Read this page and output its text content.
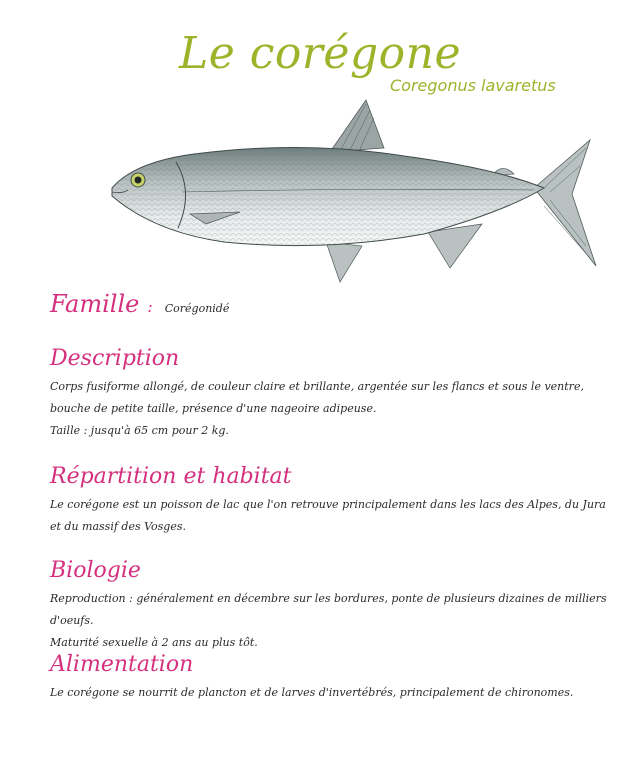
Le corégone
Coregonus lavaretus
Famille : Corégonidé
Description

Corps fusiforme allongé, de couleur claire et brillante, argentée sur les flancs et sous le ventre, bouche de petite taille, présence d'une nageoire adipeuse.

Taille : jusqu'à 65 cm pour 2 kg.

Répartition et habitat

Le corégone est un poisson de lac que l'on retrouve principalement dans les lacs des Alpes, du Jura et du massif des Vosges.

Biologie

Reproduction : généralement en décembre sur les bordures, ponte de plusieurs dizaines de milliers d'oeufs.

Maturité sexuelle à 2 ans au plus tôt.

Alimentation

Le corégone se nourrit de plancton et de larves d'invertébrés, principalement de chironomes.
